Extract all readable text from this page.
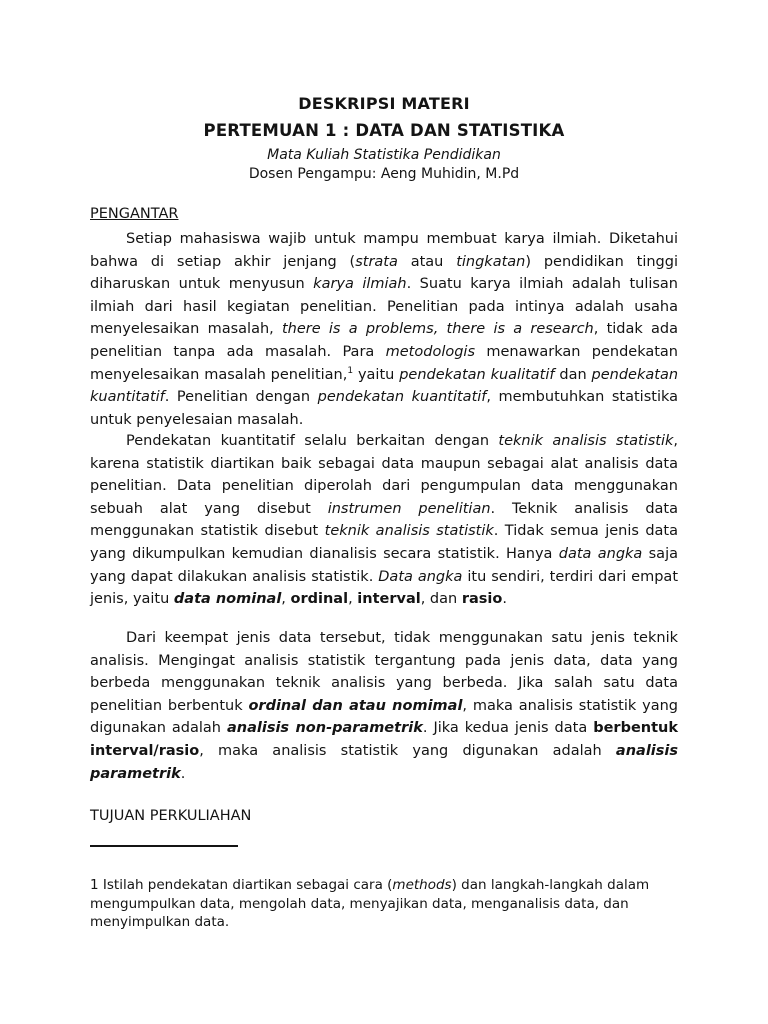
DESKRIPSI MATERI
PERTEMUAN 1 : DATA DAN STATISTIKA
Mata Kuliah Statistika Pendidikan
Dosen Pengampu: Aeng Muhidin, M.Pd
PENGANTAR
Setiap mahasiswa wajib untuk mampu membuat karya ilmiah. Diketahui bahwa di setiap akhir jenjang (strata atau tingkatan) pendidikan tinggi diharuskan untuk menyusun karya ilmiah. Suatu karya ilmiah adalah tulisan ilmiah dari hasil kegiatan penelitian. Penelitian pada intinya adalah usaha menyelesaikan masalah, there is a problems, there is a research, tidak ada penelitian tanpa ada masalah. Para metodologis menawarkan pendekatan menyelesaikan masalah penelitian,$^1$ yaitu pendekatan kualitatif dan pendekatan kuantitatif. Penelitian dengan pendekatan kuantitatif, membutuhkan statistika untuk penyelesaian masalah.
Pendekatan kuantitatif selalu berkaitan dengan teknik analisis statistik, karena statistik diartikan baik sebagai data maupun sebagai alat analisis data penelitian. Data penelitian diperolah dari pengumpulan data menggunakan sebuah alat yang disebut instrumen penelitian. Teknik analisis data menggunakan statistik disebut teknik analisis statistik. Tidak semua jenis data yang dikumpulkan kemudian dianalisis secara statistik. Hanya data angka saja yang dapat dilakukan analisis statistik. Data angka itu sendiri, terdiri dari empat jenis, yaitu data nominal, ordinal, interval, dan rasio.
Dari keempat jenis data tersebut, tidak menggunakan satu jenis teknik analisis. Mengingat analisis statistik tergantung pada jenis data, data yang berbeda menggunakan teknik analisis yang berbeda. Jika salah satu data penelitian berbentuk ordinal dan atau nomimal, maka analisis statistik yang digunakan adalah analisis non-parametrik. Jika kedua jenis data berbentuk interval/rasio, maka analisis statistik yang digunakan adalah analisis parametrik.
TUJUAN PERKULIAHAN
1 Istilah pendekatan diartikan sebagai cara (methods) dan langkah-langkah dalam mengumpulkan data, mengolah data, menyajikan data, menganalisis data, dan menyimpulkan data.
